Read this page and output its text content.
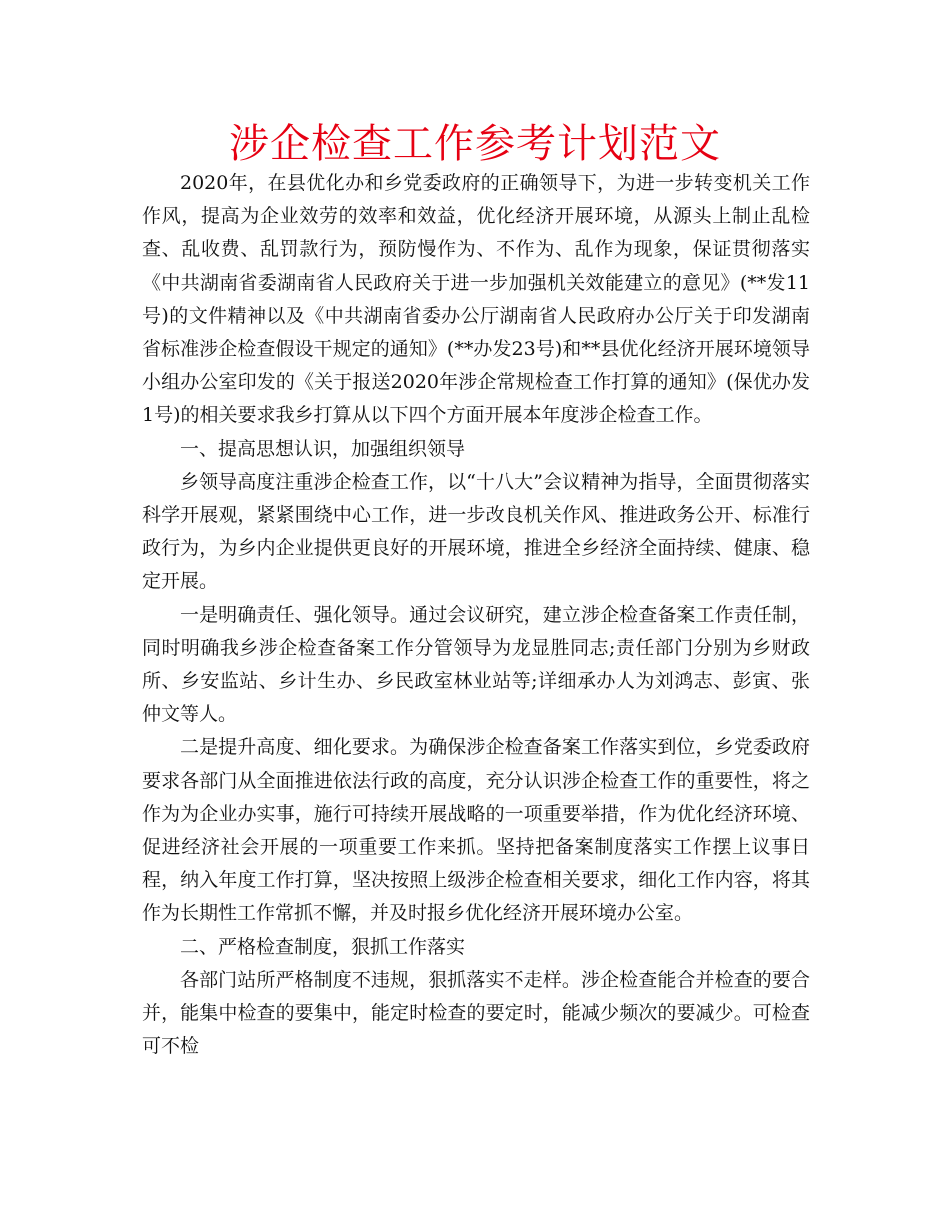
涉企检查工作参考计划范文

2020年，在县优化办和乡党委政府的正确领导下，为进一步转变机关工作作风，提高为企业效劳的效率和效益，优化经济开展环境，从源头上制止乱检查、乱收费、乱罚款行为，预防慢作为、不作为、乱作为现象，保证贯彻落实《中共湖南省委湖南省人民政府关于进一步加强机关效能建立的意见》(**发11号)的文件精神以及《中共湖南省委办公厅湖南省人民政府办公厅关于印发湖南省标准涉企检查假设干规定的通知》(**办发23号)和**县优化经济开展环境领导小组办公室印发的《关于报送2020年涉企常规检查工作打算的通知》(保优办发1号)的相关要求我乡打算从以下四个方面开展本年度涉企检查工作。

一、提高思想认识，加强组织领导

乡领导高度注重涉企检查工作，以“十八大”会议精神为指导，全面贯彻落实科学开展观，紧紧围绕中心工作，进一步改良机关作风、推进政务公开、标准行政行为，为乡内企业提供更良好的开展环境，推进全乡经济全面持续、健康、稳定开展。

一是明确责任、强化领导。通过会议研究，建立涉企检查备案工作责任制，同时明确我乡涉企检查备案工作分管领导为龙显胜同志;责任部门分别为乡财政所、乡安监站、乡计生办、乡民政室林业站等;详细承办人为刘鸿志、彭寅、张仲文等人。

二是提升高度、细化要求。为确保涉企检查备案工作落实到位，乡党委政府要求各部门从全面推进依法行政的高度，充分认识涉企检查工作的重要性，将之作为为企业办实事，施行可持续开展战略的一项重要举措，作为优化经济环境、促进经济社会开展的一项重要工作来抓。坚持把备案制度落实工作摆上议事日程，纳入年度工作打算，坚决按照上级涉企检查相关要求，细化工作内容，将其作为长期性工作常抓不懈，并及时报乡优化经济开展环境办公室。

二、严格检查制度，狠抓工作落实

各部门站所严格制度不违规，狠抓落实不走样。涉企检查能合并检查的要合并，能集中检查的要集中，能定时检查的要定时，能减少频次的要减少。可检查可不检
